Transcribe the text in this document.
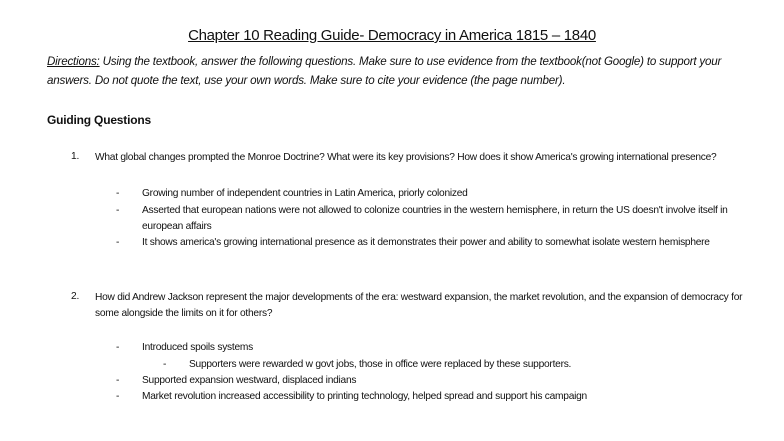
Chapter 10 Reading Guide- Democracy in America 1815 – 1840
Directions: Using the textbook, answer the following questions. Make sure to use evidence from the textbook(not Google) to support your answers. Do not quote the text, use your own words. Make sure to cite your evidence (the page number).
Guiding Questions
1. What global changes prompted the Monroe Doctrine? What were its key provisions? How does it show America's growing international presence?
- Growing number of independent countries in Latin America, priorly colonized
- Asserted that european nations were not allowed to colonize countries in the western hemisphere, in return the US doesn't involve itself in european affairs
- It shows america's growing international presence as it demonstrates their power and ability to somewhat isolate western hemisphere
2. How did Andrew Jackson represent the major developments of the era: westward expansion, the market revolution, and the expansion of democracy for some alongside the limits on it for others?
- Introduced spoils systems
- Supporters were rewarded w govt jobs, those in office were replaced by these supporters.
- Supported expansion westward, displaced indians
- Market revolution increased accessibility to printing technology, helped spread and support his campaign
